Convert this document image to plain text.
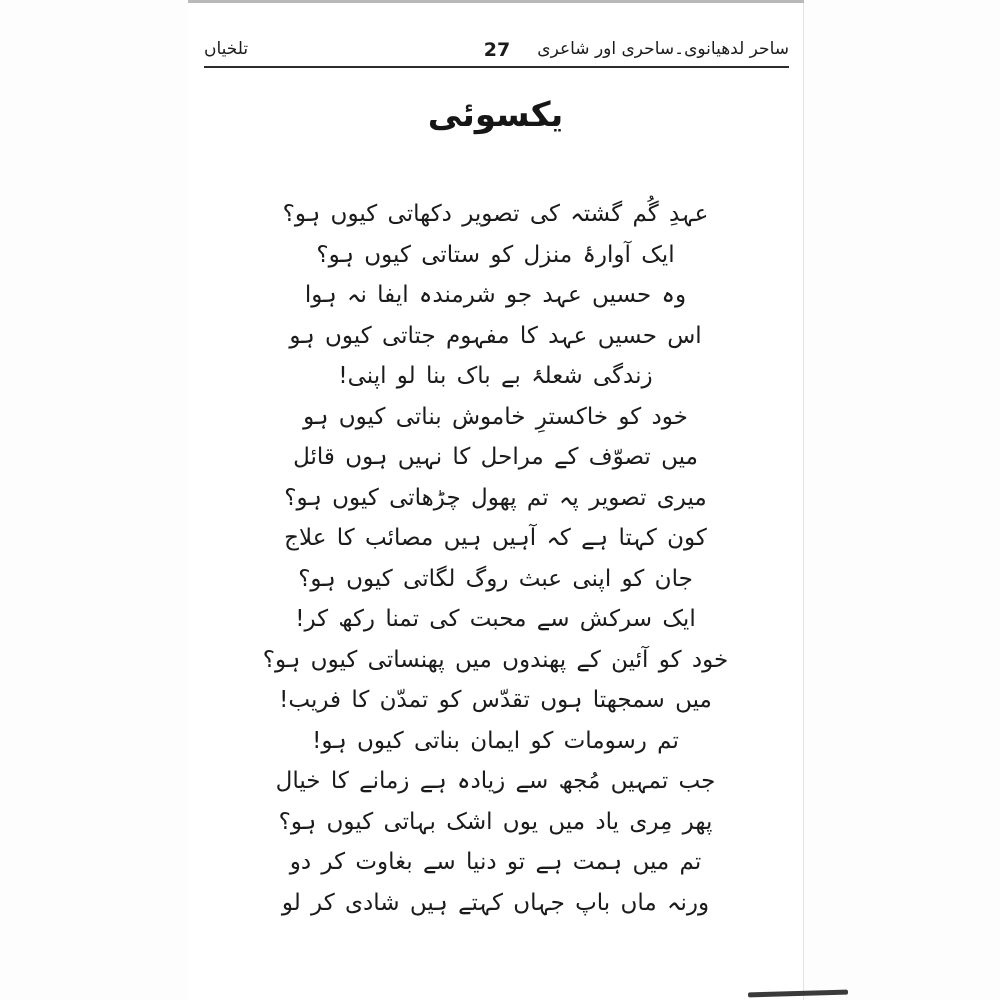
ساحر لدھیانوی۔ساحری اور شاعری
27
تلخیاں
یکسوئی
عہدِ گُم گشتہ کی تصویر دکھاتی کیوں ہو؟
ایک آوارۂ منزل کو ستاتی کیوں ہو؟
وہ حسیں عہد جو شرمندہ ایفا نہ ہوا
اس حسیں عہد کا مفہوم جتاتی کیوں ہو
زندگی شعلۂ بے باک بنا لو اپنی!
خود کو خاکسترِ خاموش بناتی کیوں ہو
میں تصوّف کے مراحل کا نہیں ہوں قائل
میری تصویر پہ تم پھول چڑھاتی کیوں ہو؟
کون کہتا ہے کہ آہیں ہیں مصائب کا علاج
جان کو اپنی عبث روگ لگاتی کیوں ہو؟
ایک سرکش سے محبت کی تمنا رکھ کر!
خود کو آئین کے پھندوں میں پھنساتی کیوں ہو؟
میں سمجھتا ہوں تقدّس کو تمدّن کا فریب!
تم رسومات کو ایمان بناتی کیوں ہو!
جب تمہیں مُجھ سے زیادہ ہے زمانے کا خیال
پھر مِری یاد میں یوں اشک بہاتی کیوں ہو؟
تم میں ہمت ہے تو دنیا سے بغاوت کر دو
ورنہ ماں باپ جہاں کہتے ہیں شادی کر لو
